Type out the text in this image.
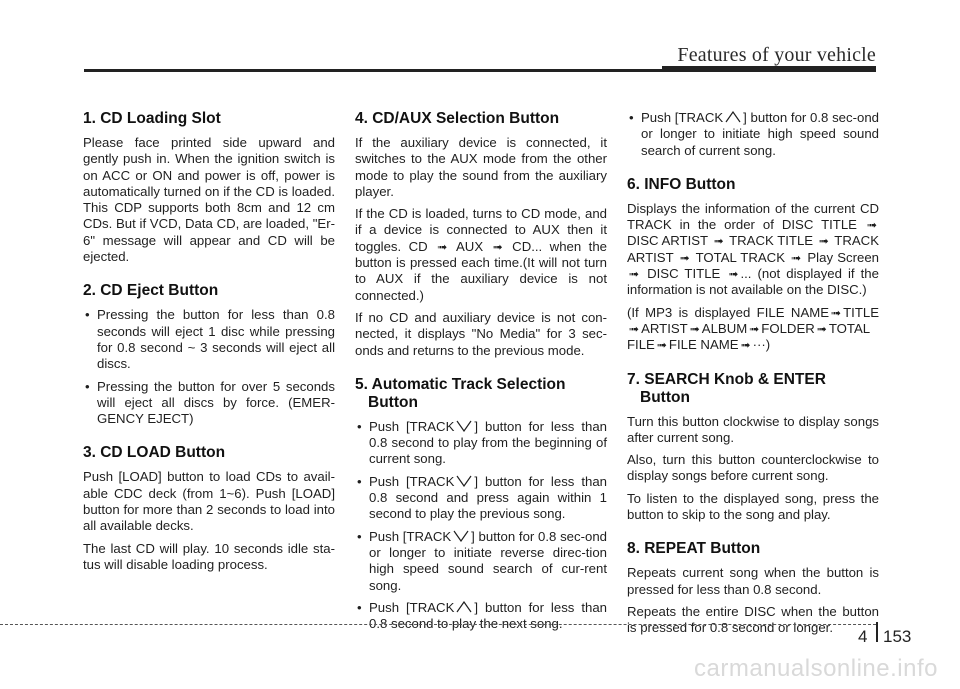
Features of your vehicle
1. CD Loading Slot

Please face printed side upward and gently push in. When the ignition switch is on ACC or ON and power is off, power is automatically turned on if the CD is loaded. This CDP supports both 8cm and 12 cm CDs. But if VCD, Data CD, are loaded, "Er-6" message will appear and CD will be ejected.

2. CD Eject Button
• Pressing the button for less than 0.8 seconds will eject 1 disc while pressing for 0.8 second ~ 3 seconds will eject all discs.
• Pressing the button for over 5 seconds will eject all discs by force. (EMER-GENCY EJECT)
3. CD LOAD Button

Push [LOAD] button to load CDs to avail-able CDC deck (from 1~6). Push [LOAD] button for more than 2 seconds to load into all available decks.

The last CD will play. 10 seconds idle sta-tus will disable loading process.

4. CD/AUX Selection Button

If the auxiliary device is connected, it switches to the AUX mode from the other mode to play the sound from the auxiliary player.

If the CD is loaded, turns to CD mode, and if a device is connected to AUX then it toggles. CD ➟ AUX ➟ CD... when the button is pressed each time.(It will not turn to AUX if the auxiliary device is not connected.)

If no CD and auxiliary device is not con-nected, it displays "No Media" for 3 sec-onds and returns to the previous mode.

5. Automatic Track Selection Button
• Push [TRACK ] button for less than 0.8 second to play from the beginning of current song.
• Push [TRACK ] button for less than 0.8 second and press again within 1 second to play the previous song.
• Push [TRACK ] button for 0.8 sec-ond or longer to initiate reverse direc-tion high speed sound search of cur-rent song.
• Push [TRACK ] button for less than 0.8 second to play the next song.
• Push [TRACK ] button for 0.8 sec-ond or longer to initiate high speed sound search of current song.
6. INFO Button

Displays the information of the current CD TRACK in the order of DISC TITLE ➟ DISC ARTIST ➟ TRACK TITLE ➟ TRACK ARTIST ➟ TOTAL TRACK ➟ Play Screen ➟ DISC TITLE ➟ ... (not displayed if the information is not available on the DISC.)

(If MP3 is displayed FILE NAME ➟ TITLE ➟ ARTIST ➟ ALBUM ➟ FOLDER ➟ TOTAL FILE ➟ FILE NAME ➟ ···)

7. SEARCH Knob & ENTER Button

Turn this button clockwise to display songs after current song.

Also, turn this button counterclockwise to display songs before current song.

To listen to the displayed song, press the button to skip to the song and play.

8. REPEAT Button

Repeats current song when the button is pressed for less than 0.8 second.

Repeats the entire DISC when the button is pressed for 0.8 second or longer.	4 153
carmanualsonline.info
